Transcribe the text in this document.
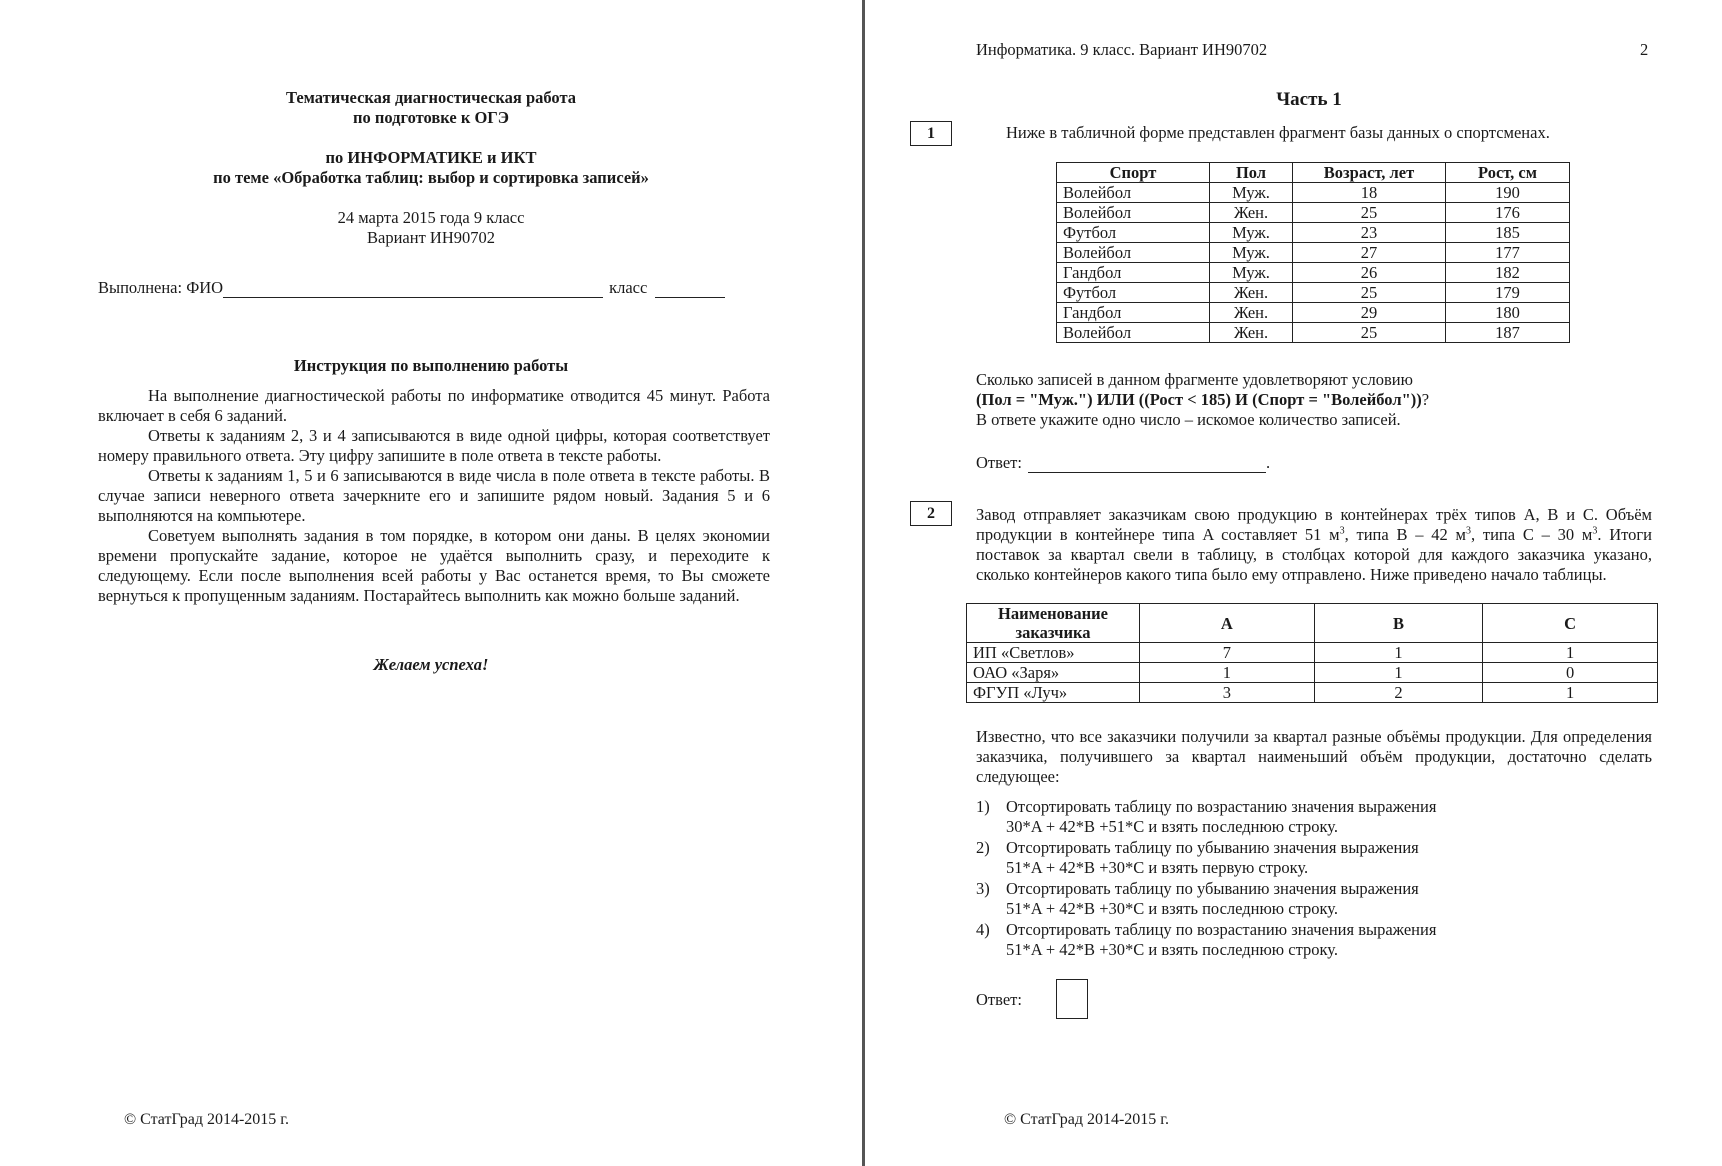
Тематическая диагностическая работа
по подготовке к ОГЭ
по ИНФОРМАТИКЕ и ИКТ
по теме «Обработка таблиц: выбор и сортировка записей»
24 марта 2015 года 9 класс
Вариант ИН90702
Выполнена: ФИО	класс
Инструкция по выполнению работы

На выполнение диагностической работы по информатике отводится 45 минут. Работа включает в себя 6 заданий.

Ответы к заданиям 2, 3 и 4 записываются в виде одной цифры, которая соответствует номеру правильного ответа. Эту цифру запишите в поле ответа в тексте работы.

Ответы к заданиям 1, 5 и 6 записываются в виде числа в поле ответа в тексте работы. В случае записи неверного ответа зачеркните его и запишите рядом новый. Задания 5 и 6 выполняются на компьютере.

Советуем выполнять задания в том порядке, в котором они даны. В целях экономии времени пропускайте задание, которое не удаётся выполнить сразу, и переходите к следующему. Если после выполнения всей работы у Вас останется время, то Вы сможете вернуться к пропущенным заданиям. Постарайтесь выполнить как можно больше заданий.

Желаем успеха!
© СтатГрад 2014-2015 г.
Информатика. 9 класс. Вариант ИН90702	2
Часть 1
1	Ниже в табличной форме представлен фрагмент базы данных о спортсменах.
Спорт	Пол	Возраст, лет	Рост, см
Волейбол	Муж.	18	190
Волейбол	Жен.	25	176
Футбол	Муж.	23	185
Волейбол	Муж.	27	177
Гандбол	Муж.	26	182
Футбол	Жен.	25	179
Гандбол	Жен.	29	180
Волейбол	Жен.	25	187
Сколько записей в данном фрагменте удовлетворяют условию
(Пол = "Муж.") ИЛИ ((Рост < 185) И (Спорт = "Волейбол"))?
В ответе укажите одно число – искомое количество записей.
Ответ:	.
2	Завод отправляет заказчикам свою продукцию в контейнерах трёх типов A, B и C. Объём продукции в контейнере типа A составляет 51 $м^3$, типа B – 42 $м^3$, типа C – 30 $м^3$. Итоги поставок за квартал свели в таблицу, в столбцах которой для каждого заказчика указано, сколько контейнеров какого типа было ему отправлено. Ниже приведено начало таблицы.
Наименование заказчика	A	B	C
ИП «Светлов»	7	1	1
ОАО «Заря»	1	1	0
ФГУП «Луч»	3	2	1
Известно, что все заказчики получили за квартал разные объёмы продукции. Для определения заказчика, получившего за квартал наименьший объём продукции, достаточно сделать следующее:
1) Отсортировать таблицу по возрастанию значения выражения
30*A + 42*B +51*C и взять последнюю строку.
2) Отсортировать таблицу по убыванию значения выражения
51*A + 42*B +30*C и взять первую строку.
3) Отсортировать таблицу по убыванию значения выражения
51*A + 42*B +30*C и взять последнюю строку.
4) Отсортировать таблицу по возрастанию значения выражения
51*A + 42*B +30*C и взять последнюю строку.
Ответ:
© СтатГрад 2014-2015 г.
